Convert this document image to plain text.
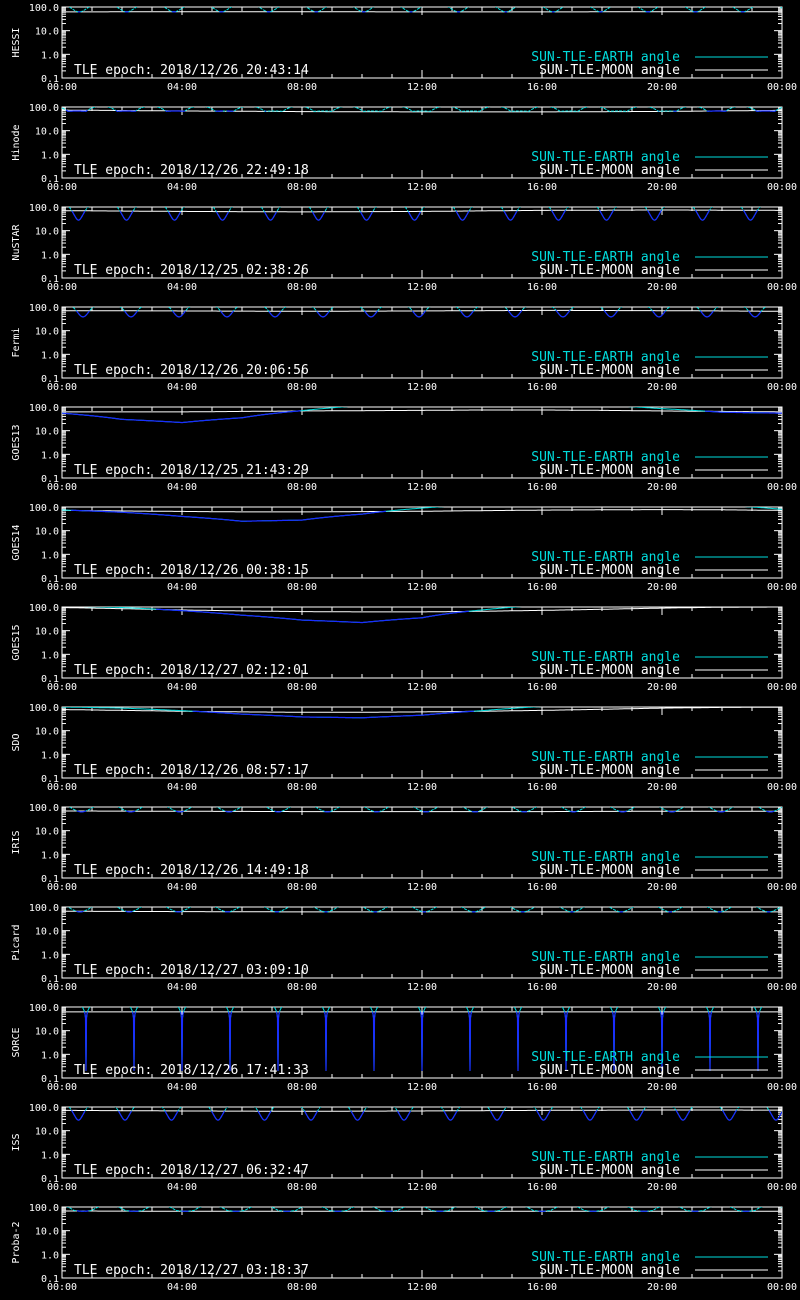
0.1
1.0
10.0
100.0
00:00	04:00	08:00	12:00	16:00	20:00	00:00
HESSI
TLE epoch: 2018/12/26 20:43:14
SUN-TLE-EARTH angle
SUN-TLE-MOON angle
0.1
1.0
10.0
100.0
00:00	04:00	08:00	12:00	16:00	20:00	00:00
Hinode
TLE epoch: 2018/12/26 22:49:18
SUN-TLE-EARTH angle
SUN-TLE-MOON angle
0.1
1.0
10.0
100.0
00:00	04:00	08:00	12:00	16:00	20:00	00:00
NuSTAR
TLE epoch: 2018/12/25 02:38:26
SUN-TLE-EARTH angle
SUN-TLE-MOON angle
0.1
1.0
10.0
100.0
00:00	04:00	08:00	12:00	16:00	20:00	00:00
Fermi
TLE epoch: 2018/12/26 20:06:56
SUN-TLE-EARTH angle
SUN-TLE-MOON angle
0.1
1.0
10.0
100.0
00:00	04:00	08:00	12:00	16:00	20:00	00:00
GOES13
TLE epoch: 2018/12/25 21:43:29
SUN-TLE-EARTH angle
SUN-TLE-MOON angle
0.1
1.0
10.0
100.0
00:00	04:00	08:00	12:00	16:00	20:00	00:00
GOES14
TLE epoch: 2018/12/26 00:38:15
SUN-TLE-EARTH angle
SUN-TLE-MOON angle
0.1
1.0
10.0
100.0
00:00	04:00	08:00	12:00	16:00	20:00	00:00
GOES15
TLE epoch: 2018/12/27 02:12:01
SUN-TLE-EARTH angle
SUN-TLE-MOON angle
0.1
1.0
10.0
100.0
00:00	04:00	08:00	12:00	16:00	20:00	00:00
SDO
TLE epoch: 2018/12/26 08:57:17
SUN-TLE-EARTH angle
SUN-TLE-MOON angle
0.1
1.0
10.0
100.0
00:00	04:00	08:00	12:00	16:00	20:00	00:00
IRIS
TLE epoch: 2018/12/26 14:49:18
SUN-TLE-EARTH angle
SUN-TLE-MOON angle
0.1
1.0
10.0
100.0
00:00	04:00	08:00	12:00	16:00	20:00	00:00
Picard
TLE epoch: 2018/12/27 03:09:10
SUN-TLE-EARTH angle
SUN-TLE-MOON angle
0.1
1.0
10.0
100.0
00:00	04:00	08:00	12:00	16:00	20:00	00:00
SORCE
TLE epoch: 2018/12/26 17:41:33
SUN-TLE-EARTH angle
SUN-TLE-MOON angle
0.1
1.0
10.0
100.0
00:00	04:00	08:00	12:00	16:00	20:00	00:00
ISS
TLE epoch: 2018/12/27 06:32:47
SUN-TLE-EARTH angle
SUN-TLE-MOON angle
0.1
1.0
10.0
100.0
00:00	04:00	08:00	12:00	16:00	20:00	00:00
Proba-2
TLE epoch: 2018/12/27 03:18:37
SUN-TLE-EARTH angle
SUN-TLE-MOON angle
